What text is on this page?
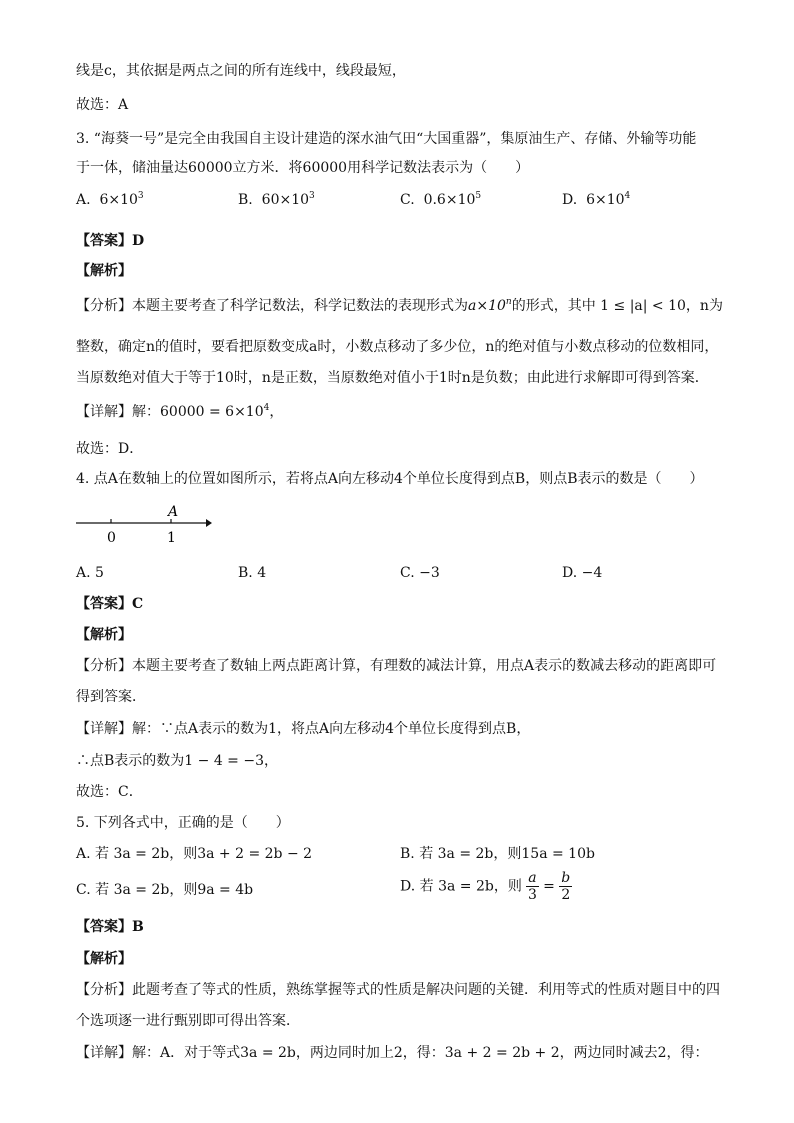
线是c，其依据是两点之间的所有连线中，线段最短，
故选：A
3. “海葵一号”是完全由我国自主设计建造的深水油气田“大国重器”，集原油生产、存储、外输等功能
于一体，储油量达60000立方米．将60000用科学记数法表示为（　　）
A. $6\times 10^3$	B. $60\times 10^3$	C. $0.6\times 10^5$	D. $6\times 10^4$
【答案】D
【解析】
【分析】本题主要考查了科学记数法，科学记数法的表现形式为$a\times 10^n$的形式，其中 1 ≤ |a| < 10，n为
整数，确定n的值时，要看把原数变成a时，小数点移动了多少位，n的绝对值与小数点移动的位数相同，
当原数绝对值大于等于10时，n是正数，当原数绝对值小于1时n是负数；由此进行求解即可得到答案．
【详解】解：$60000 = 6\times 10^4$，
故选：D．
4. 点A在数轴上的位置如图所示，若将点A向左移动4个单位长度得到点B，则点B表示的数是（　　）
A
0	1
A. 5	B. 4	C. −3	D. −4
【答案】C
【解析】
【分析】本题主要考查了数轴上两点距离计算，有理数的减法计算，用点A表示的数减去移动的距离即可
得到答案．
【详解】解：∵点A表示的数为1，将点A向左移动4个单位长度得到点B，
∴点B表示的数为1 − 4 = −3，
故选：C．
5. 下列各式中，正确的是（　　）
A. 若 3a = 2b，则3a + 2 = 2b − 2	B. 若 3a = 2b，则15a = 10b
C. 若 3a = 2b，则9a = 4b	D. 若 3a = 2b，则 $\frac{a}{3} = \frac{b}{2}$
【答案】B
【解析】
【分析】此题考查了等式的性质，熟练掌握等式的性质是解决问题的关键．利用等式的性质对题目中的四
个选项逐一进行甄别即可得出答案．
【详解】解：A．对于等式3a = 2b，两边同时加上2，得：3a + 2 = 2b + 2，两边同时减去2，得：
